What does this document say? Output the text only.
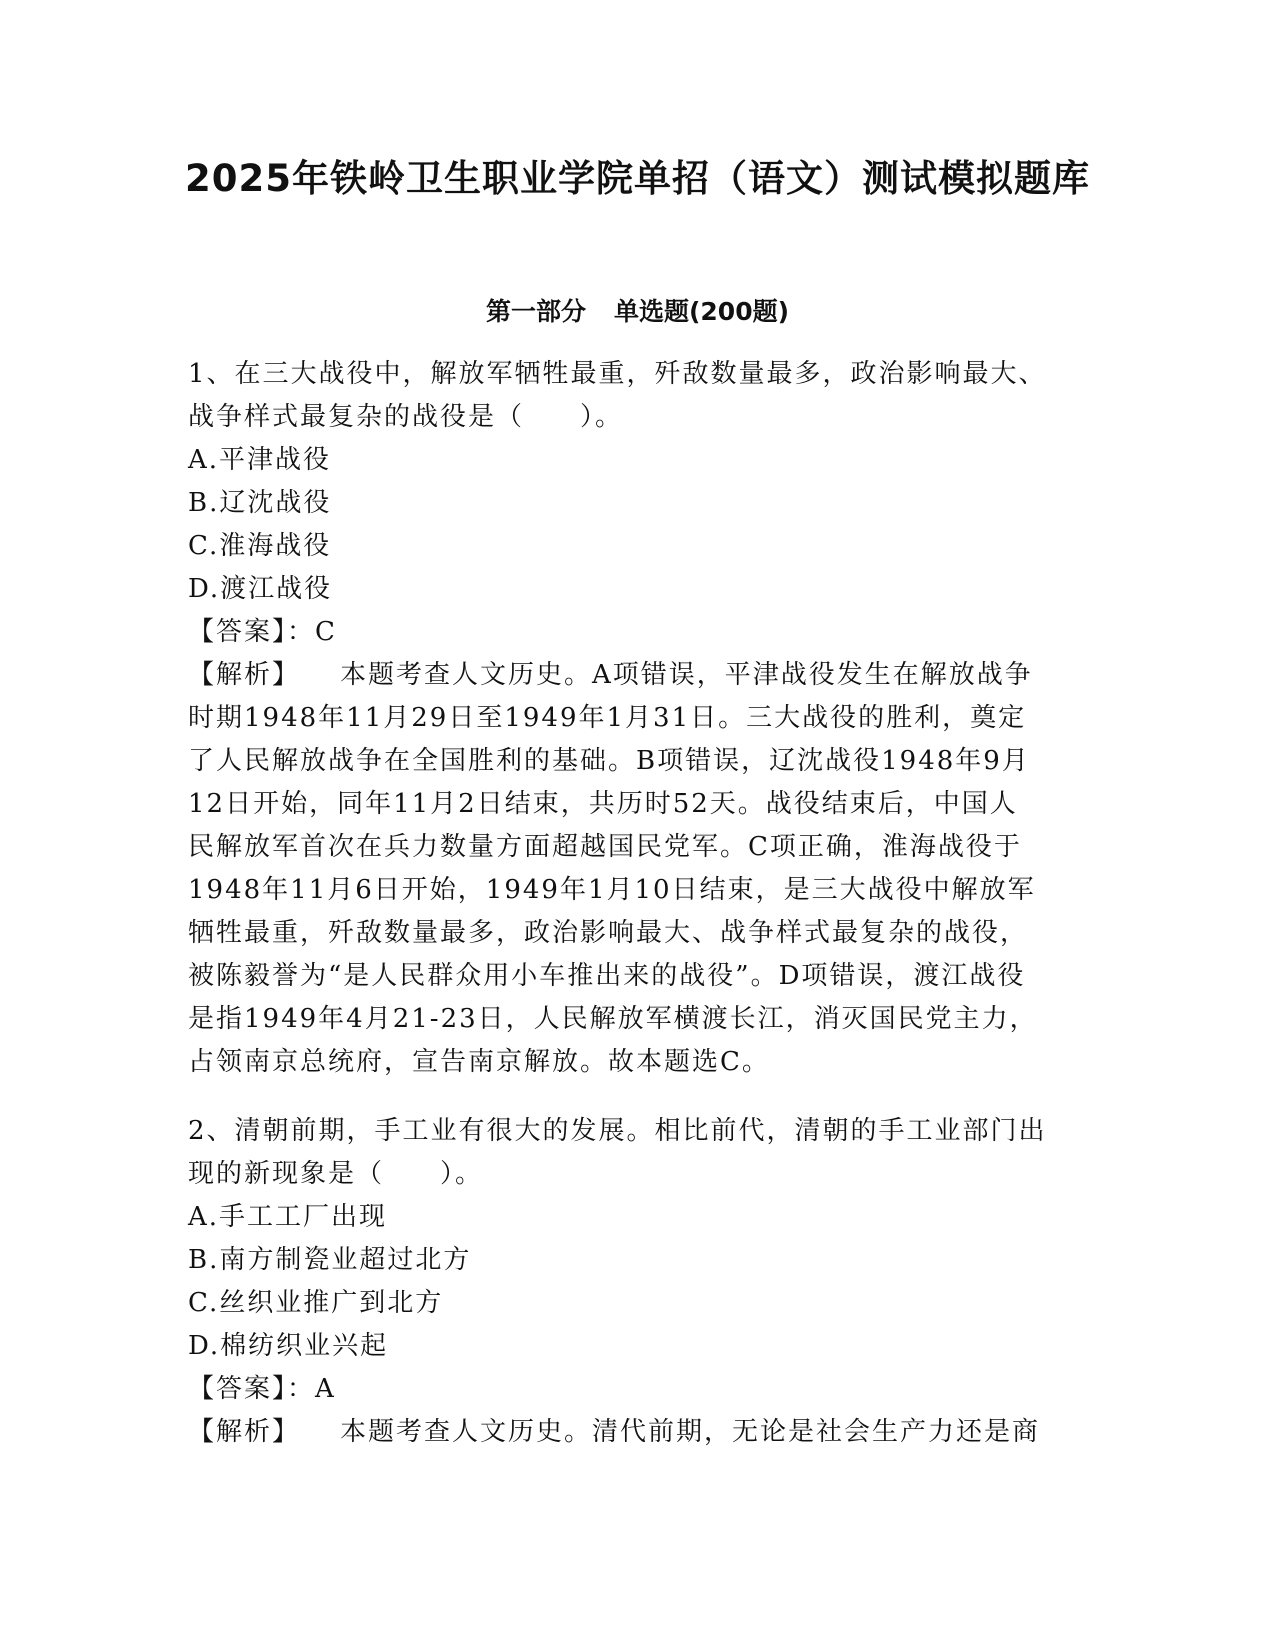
2025年铁岭卫生职业学院单招（语文）测试模拟题库
第一部分 单选题(200题)
1、在三大战役中，解放军牺牲最重，歼敌数量最多，政治影响最大、
战争样式最复杂的战役是（　　）。
A.平津战役
B.辽沈战役
C.淮海战役
D.渡江战役
【答案】：C
【解析】 本题考查人文历史。A项错误，平津战役发生在解放战争
时期1948年11月29日至1949年1月31日。三大战役的胜利，奠定
了人民解放战争在全国胜利的基础。B项错误，辽沈战役1948年9月
12日开始，同年11月2日结束，共历时52天。战役结束后，中国人
民解放军首次在兵力数量方面超越国民党军。C项正确，淮海战役于
1948年11月6日开始，1949年1月10日结束，是三大战役中解放军
牺牲最重，歼敌数量最多，政治影响最大、战争样式最复杂的战役，
被陈毅誉为“是人民群众用小车推出来的战役”。D项错误，渡江战役
是指1949年4月21-23日，人民解放军横渡长江，消灭国民党主力，
占领南京总统府，宣告南京解放。故本题选C。
2、清朝前期，手工业有很大的发展。相比前代，清朝的手工业部门出
现的新现象是（　　）。
A.手工工厂出现
B.南方制瓷业超过北方
C.丝织业推广到北方
D.棉纺织业兴起
【答案】：A
【解析】 本题考查人文历史。清代前期，无论是社会生产力还是商
